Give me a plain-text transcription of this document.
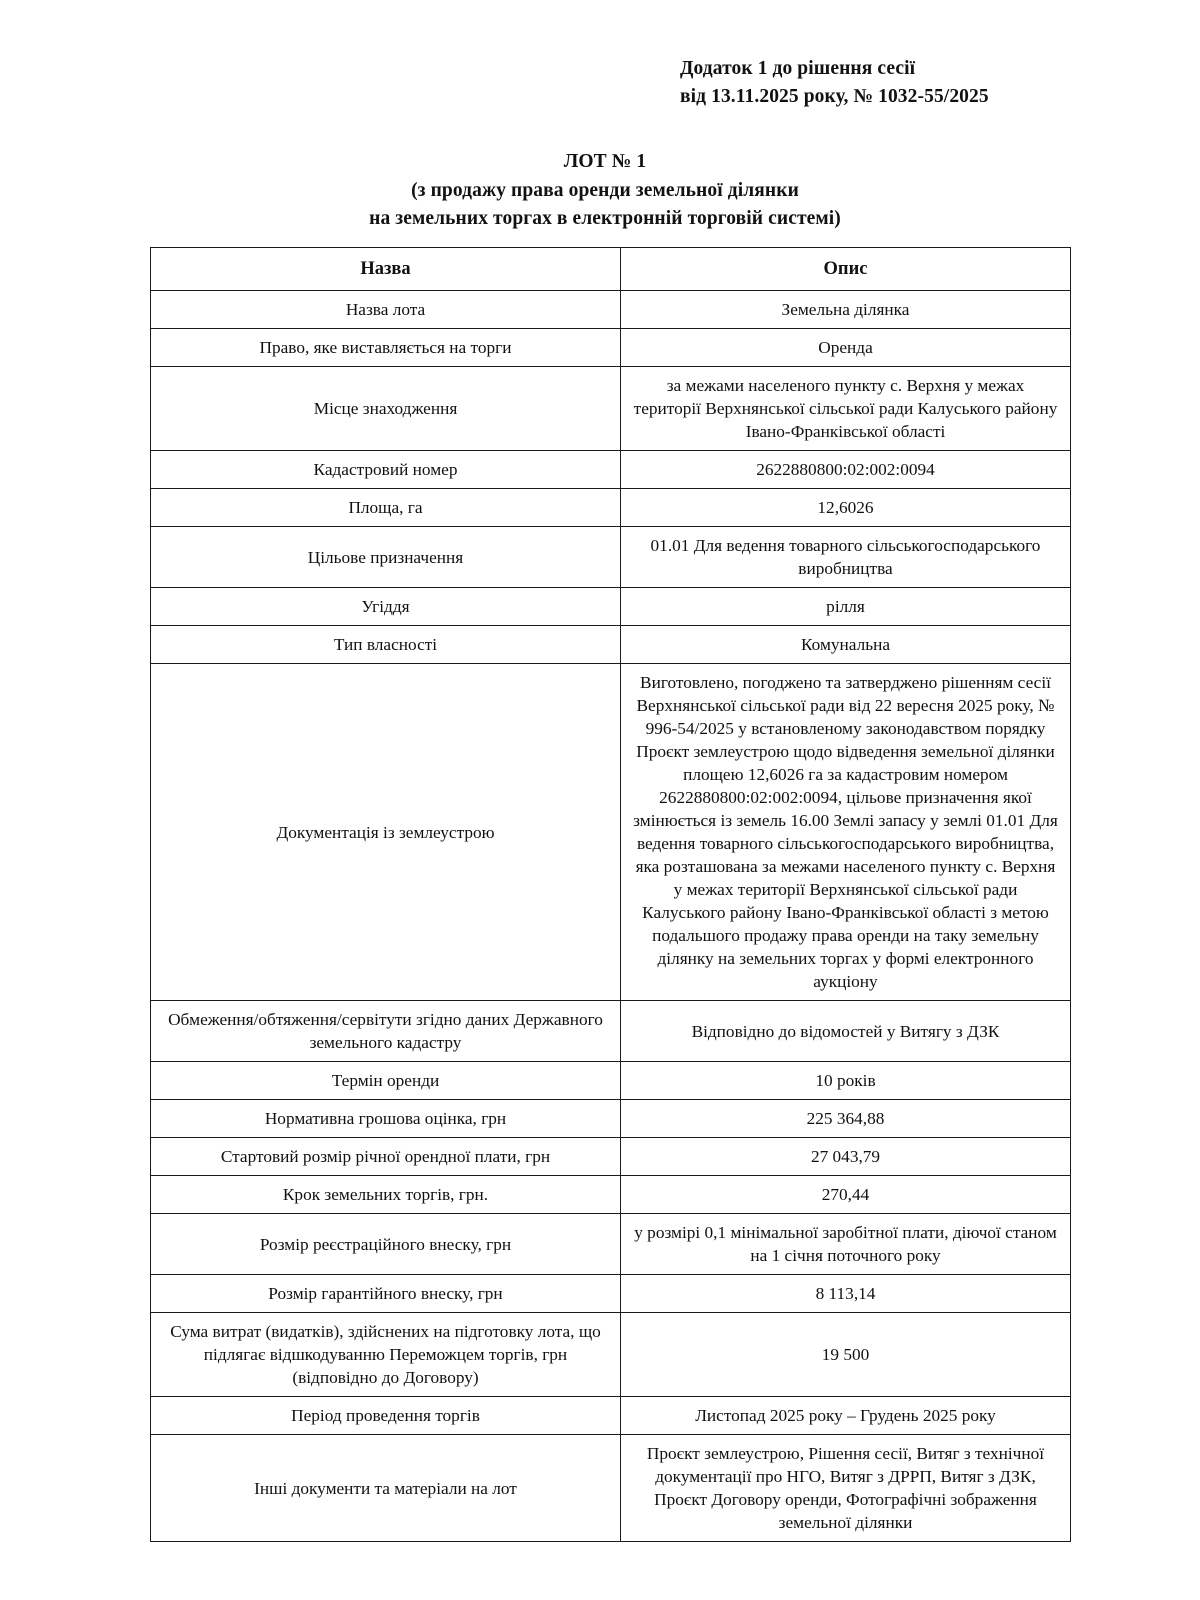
Додаток 1 до рішення сесії
від 13.11.2025 року, № 1032-55/2025
ЛОТ № 1
(з продажу права оренди земельної ділянки
на земельних торгах в електронній торговій системі)
Назва	Опис
Назва лота	Земельна ділянка
Право, яке виставляється на торги	Оренда
Місце знаходження	за межами населеного пункту с. Верхня у межах території Верхнянської сільської ради Калуського району Івано-Франківської області
Кадастровий номер	2622880800:02:002:0094
Площа, га	12,6026
Цільове призначення	01.01 Для ведення товарного сільськогосподарського виробництва
Угіддя	рілля
Тип власності	Комунальна
Документація із землеустрою	Виготовлено, погоджено та затверджено рішенням сесії Верхнянської сільської ради від 22 вересня 2025 року, № 996-54/2025 у встановленому законодавством порядку Проєкт землеустрою щодо відведення земельної ділянки площею 12,6026 га за кадастровим номером 2622880800:02:002:0094, цільове призначення якої змінюється із земель 16.00 Землі запасу у землі 01.01 Для ведення товарного сільськогосподарського виробництва, яка розташована за межами населеного пункту с. Верхня у межах території Верхнянської сільської ради Калуського району Івано-Франківської області з метою подальшого продажу права оренди на таку земельну ділянку на земельних торгах у формі електронного аукціону
Обмеження/обтяження/сервітути згідно даних Державного земельного кадастру	Відповідно до відомостей у Витягу з ДЗК
Термін оренди	10 років
Нормативна грошова оцінка, грн	225 364,88
Стартовий розмір річної орендної плати, грн	27 043,79
Крок земельних торгів, грн.	270,44
Розмір реєстраційного внеску, грн	у розмірі 0,1 мінімальної заробітної плати, діючої станом на 1 січня поточного року
Розмір гарантійного внеску, грн	8 113,14
Сума витрат (видатків), здійснених на підготовку лота, що підлягає відшкодуванню Переможцем торгів, грн (відповідно до Договору)	19 500
Період проведення торгів	Листопад 2025 року – Грудень 2025 року
Інші документи та матеріали на лот	Проєкт землеустрою, Рішення сесії, Витяг з технічної документації про НГО, Витяг з ДРРП, Витяг з ДЗК, Проєкт Договору оренди, Фотографічні зображення земельної ділянки
